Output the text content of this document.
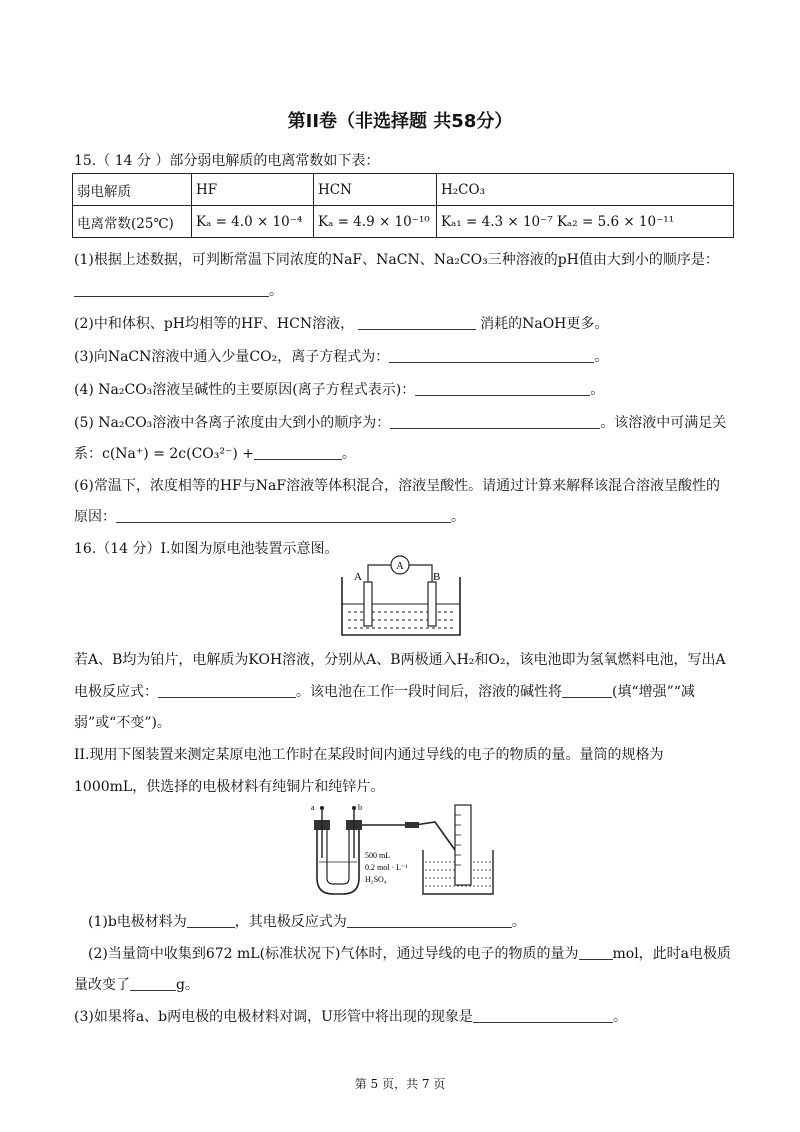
第II卷（非选择题 共58分）
15.（ 14 分 ）部分弱电解质的电离常数如下表：
弱电解质	HF	HCN	H₂CO₃
电离常数(25℃)	Kₐ = 4.0 × 10⁻⁴	Kₐ = 4.9 × 10⁻¹⁰	Kₐ₁ = 4.3 × 10⁻⁷ Kₐ₂ = 5.6 × 10⁻¹¹
(1)根据上述数据，可判断常温下同浓度的NaF、NaCN、Na₂CO₃三种溶液的pH值由大到小的顺序是：
。
(2)中和体积、pH均相等的HF、HCN溶液，	消耗的NaOH更多。
(3)向NaCN溶液中通入少量CO₂，离子方程式为：	。
(4) Na₂CO₃溶液呈碱性的主要原因(离子方程式表示)：	。
(5) Na₂CO₃溶液中各离子浓度由大到小的顺序为：	。该溶液中可满足关
系：c(Na⁺) = 2c(CO₃²⁻) +	。
(6)常温下，浓度相等的HF与NaF溶液等体积混合，溶液呈酸性。请通过计算来解释该混合溶液呈酸性的
原因：	。
16.（14 分）I.如图为原电池装置示意图。
A
A	B
若A、B均为铂片，电解质为KOH溶液，分别从A、B两极通入H₂和O₂，该电池即为氢氧燃料电池，写出A
电极反应式：	。该电池在工作一段时间后，溶液的碱性将	(填“增强”“减
弱”或“不变”)。
II.现用下图装置来测定某原电池工作时在某段时间内通过导线的电子的物质的量。量筒的规格为
1000mL，供选择的电极材料有纯铜片和纯锌片。
a	b
500 mL
0.2 mol · L⁻¹
H₂SO₄
(1)b电极材料为	，其电极反应式为	。
(2)当量筒中收集到672 mL(标准状况下)气体时，通过导线的电子的物质的量为 mol，此时a电极质
量改变了	g。
(3)如果将a、b两电极的电极材料对调，U形管中将出现的现象是	。
第 5 页，共 7 页
